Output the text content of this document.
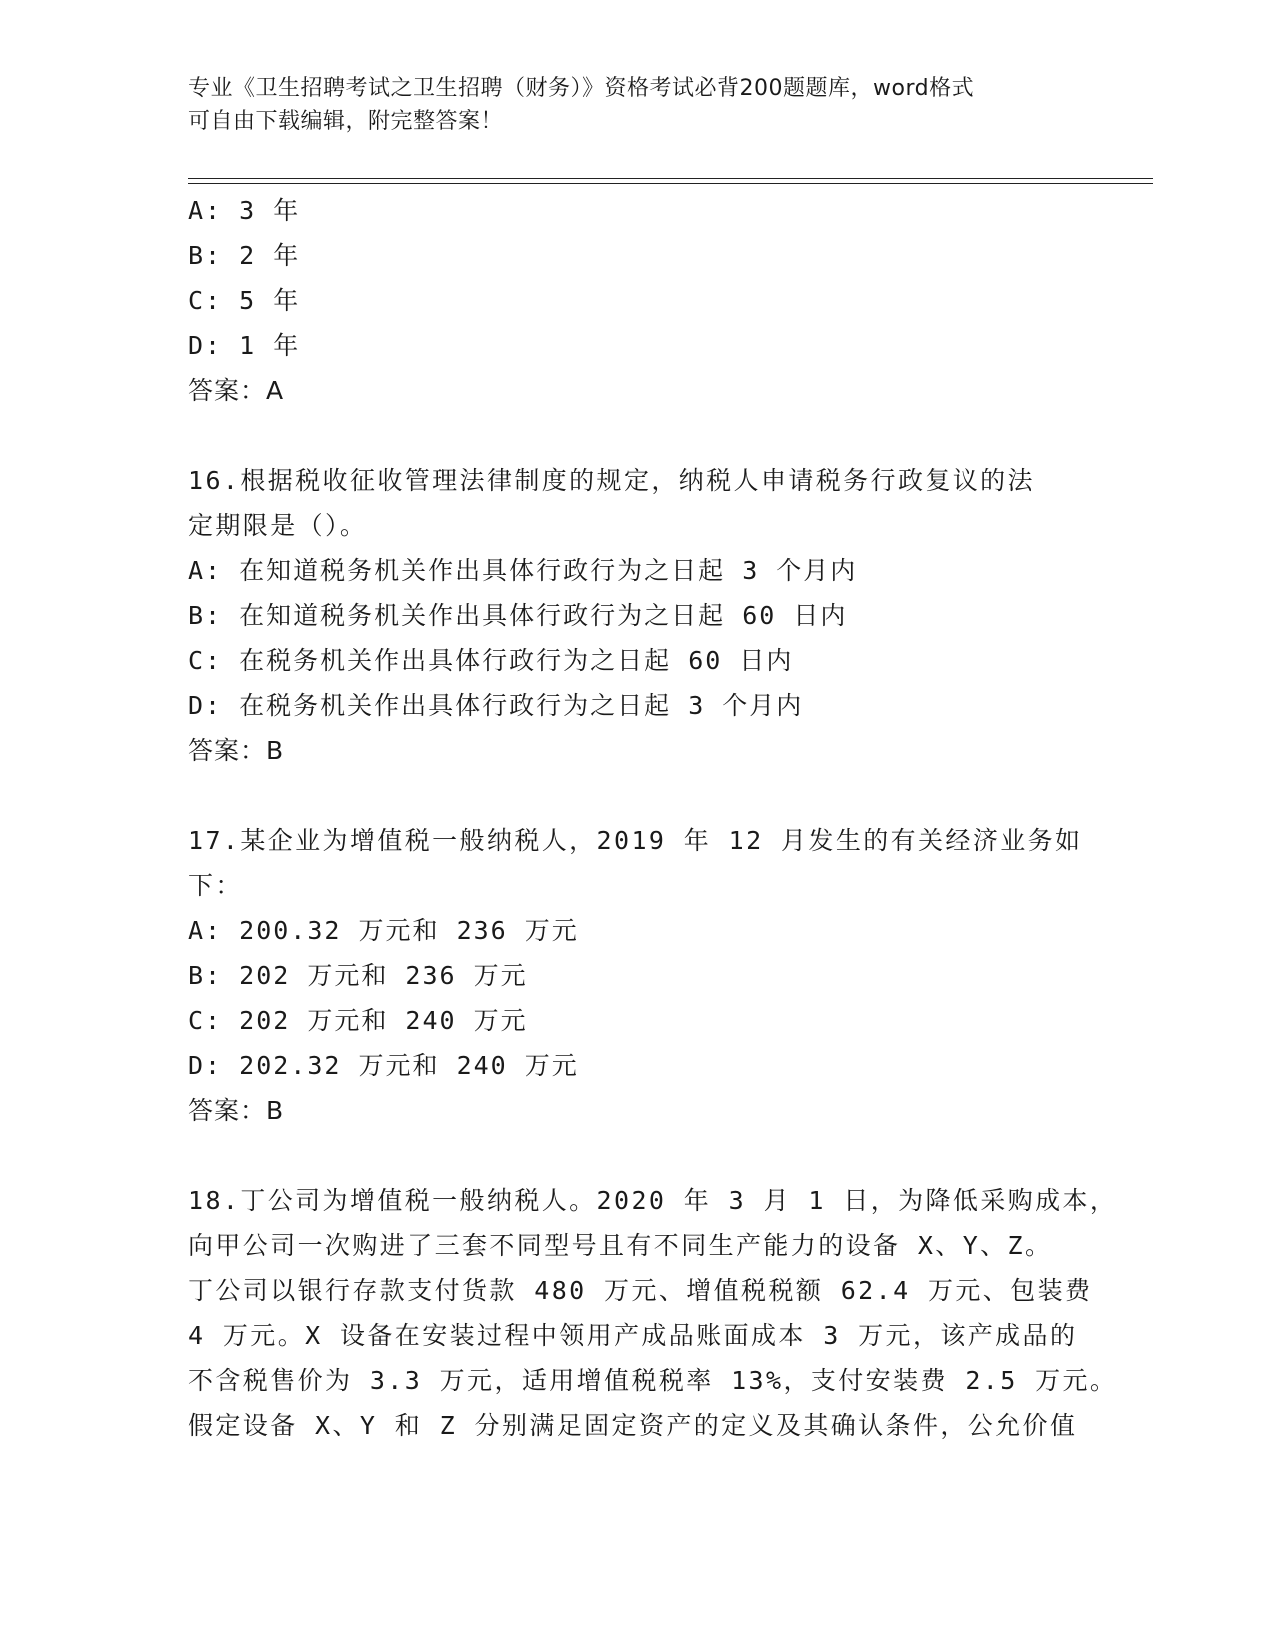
专业《卫生招聘考试之卫生招聘（财务）》资格考试必背200题题库，word格式
可自由下载编辑，附完整答案！
A: 3 年
B: 2 年
C: 5 年
D: 1 年
答案：A
16.根据税收征收管理法律制度的规定，纳税人申请税务行政复议的法
定期限是（）。
A: 在知道税务机关作出具体行政行为之日起 3 个月内
B: 在知道税务机关作出具体行政行为之日起 60 日内
C: 在税务机关作出具体行政行为之日起 60 日内
D: 在税务机关作出具体行政行为之日起 3 个月内
答案：B
17.某企业为增值税一般纳税人，2019 年 12 月发生的有关经济业务如
下：
A: 200.32 万元和 236 万元
B: 202 万元和 236 万元
C: 202 万元和 240 万元
D: 202.32 万元和 240 万元
答案：B
18.丁公司为增值税一般纳税人。2020 年 3 月 1 日，为降低采购成本，
向甲公司一次购进了三套不同型号且有不同生产能力的设备 X、Y、Z。
丁公司以银行存款支付货款 480 万元、增值税税额 62.4 万元、包装费
4 万元。X 设备在安装过程中领用产成品账面成本 3 万元，该产成品的
不含税售价为 3.3 万元，适用增值税税率 13%，支付安装费 2.5 万元。
假定设备 X、Y 和 Z 分别满足固定资产的定义及其确认条件，公允价值
